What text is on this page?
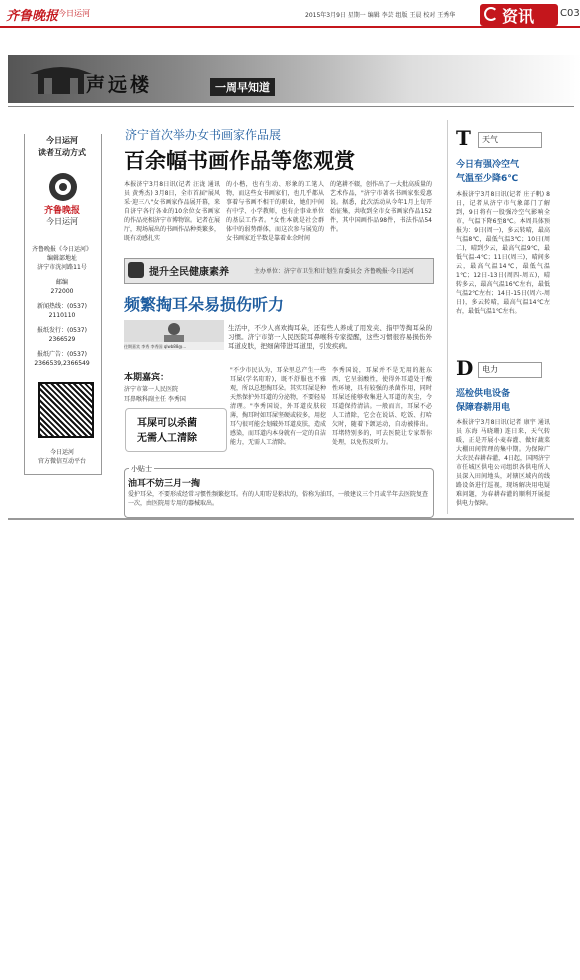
齐鲁晚报 今日运河	2015年3月9日 星期一 编辑 李芸 组版 王晨 校对 王秀华	资讯	C03
声远楼	一周早知道
今日运河
读者互动方式
齐鲁晚报
今日运河
齐鲁晚报《今日运河》
编辑部地址
济宁市洸河路11号
邮编
272000
新闻热线：(0537)
2110110
报纸发行：(0537)
2366529
报纸广告：(0537)
2366539,2366549
今日运河
官方微信互动平台
济宁首次举办女书画家作品展
百余幅书画作品等您观赏
本报济宁3月8日讯(记者 汪泷 通讯员 黄秀杰) 3月8日，全市首届"展风采·迎三八"女书画家作品展开幕，来自济宁各行各业的10余位女书画家的作品亮相济宁市博物馆。记者在展厅，现场展出的书画作品种类繁多，既有动感扎实
的小楷，也有生动、形象的工笔人物，而这些女书画家们，也几乎都从事着与书画不相干的职业，她们中间有中学、小学教师，也有企事业单位的基层工作者。"女性本就是社会群体中的弱势群体，而这次参与展览的女书画家近半数是靠着业余时间
的笔耕不辍，创作出了一大批高质量的艺术作品，"济宁市著名书画家张爱惠说。据悉，此次活动从今年1月上旬开始征集，共收到全市女书画家作品152件，其中国画作品98件，书法作品54件。
提升全民健康素养	主办单位：济宁市卫生和计划生育委员会 齐鲁晚报·今日运河
频繁掏耳朵易损伤听力
往期嘉宾 李秀 李秀国 qlwb88@...
生活中，不少人喜欢掏耳朵，还有些人养成了用发夹、指甲等掏耳朵的习惯。济宁市第一人民医院耳鼻喉科专家提醒，这些习惯很容易损伤外耳道皮肤，把细菌带进耳道里，引发疾病。
本期嘉宾：
济宁市第一人民医院
耳鼻喉科副主任 李秀国
耳屎可以杀菌
无需人工清除
"不少市民认为，耳朵里总产生一些耳屎(学名耵聍)，既不舒服也不雅观，所以总想掏耳朵。其实耳屎是种天然保护外耳道的分泌物，不要轻易清理。"李秀国说，外耳道皮肤较薄，掏耳时如耳屎坚硬或较多，用挖耳勺很可能会划破外耳道皮肤，造成感染，而耳道内本身就有一定的自洁能力，无需人工清除。
李秀国说，耳屎并不是无用的脏东西，它呈弱酸性，使得外耳道处于酸性环境，具有较强的杀菌作用，同时耳屎还能够收集进入耳道的灰尘，令耳道保持清洁。一般而言，耳屎不必人工清除，它会在说话、吃饭、打哈欠时，随着下颌运动，自动被排出。耳堵特别多的，可去医院让专家帮你处理，以免伤及听力。
小贴士
油耳不妨三月一掏
爱护耳朵，不要形成经常习惯性频繁挖耳。有的人耵聍是粘状的，俗称为油耳，一般建议三个月或半年去医院复查一次，由医院用专用的器械取出。
T 天气
今日有强冷空气
气温至少降6℃
本报济宁3月8日讯(记者 庄子帆) 8日，记者从济宁市气象部门了解到，9日将有一股强冷空气影响全市，气温下降6至8℃。本周具体预报为：9日(周一)，多云转晴，最高气温8℃，最低气温3℃；10日(周二)，晴到少云，最高气温9℃，最低气温-4℃；11日(周三)，晴间多云，最高气温14℃，最低气温1℃；12日-13日(周四-周五)，晴转多云，最高气温16℃左右，最低气温2℃左右；14日-15日(周六-周日)，多云转晴，最高气温14℃左右，最低气温1℃左右。
D 电力
巡检供电设备
保障春耕用电
本报济宁3月8日讯(记者 康宇 通讯员 东海 马晓珊) 连日来，天气转暖，正是开展小麦春灌、做好蔬菜大棚田间管理的集中期。为保障广大农民春耕春灌，4日起，国网济宁市任城区供电公司组织各供电所人员深入田间地头，对辖区域内的线路设备进行巡视，现场解决用电疑难问题，为春耕春灌的顺利开展提供电力保障。
